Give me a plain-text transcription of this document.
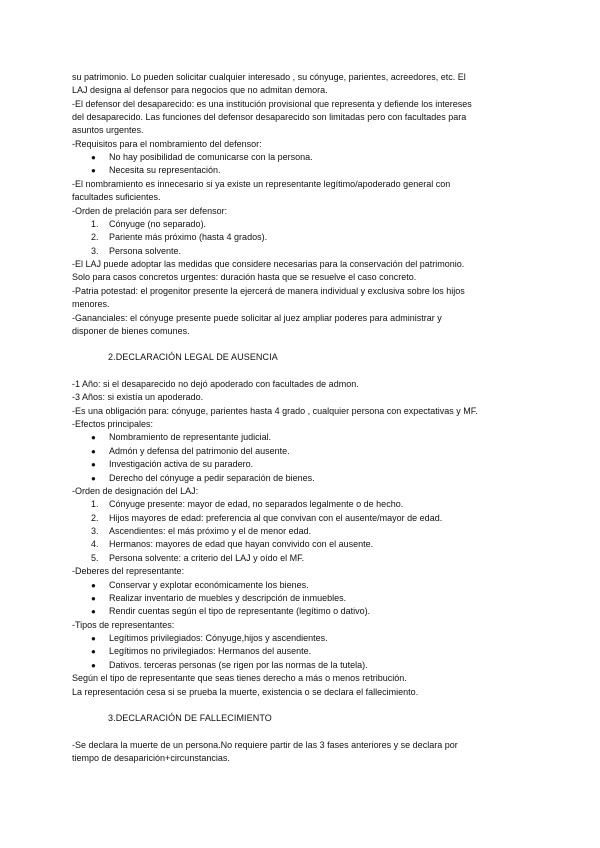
su patrimonio. Lo pueden solicitar cualquier interesado , su cónyuge, parientes, acreedores, etc. El
LAJ designa al defensor para negocios que no admitan demora.
-El defensor del desaparecido: es una institución provisional que representa y defiende los intereses
del desaparecido. Las funciones del defensor desaparecido son limitadas pero con facultades para
asuntos urgentes.
-Requisitos para el nombramiento del defensor:
● No hay posibilidad de comunicarse con la persona.
● Necesita su representación.
-El nombramiento es innecesario si ya existe un representante legítimo/apoderado general con
facultades suficientes.
-Orden de prelación para ser defensor:
1. Cónyuge (no separado).
2. Pariente más próximo (hasta 4 grados).
3. Persona solvente.
-El LAJ puede adoptar las medidas que considere necesarias para la conservación del patrimonio.
Solo para casos concretos urgentes: duración hasta que se resuelve el caso concreto.
-Patria potestad: el progenitor presente la ejercerá de manera individual y exclusiva sobre los hijos
menores.
-Gananciales: el cónyuge presente puede solicitar al juez ampliar poderes para administrar y
disponer de bienes comunes.
2.DECLARACIÓN LEGAL DE AUSENCIA
-1 Año: si el desaparecido no dejó apoderado con facultades de admon.
-3 Años: si existía un apoderado.
-Es una obligación para: cónyuge, parientes hasta 4 grado , cualquier persona con expectativas y MF.
-Efectos principales:
● Nombramiento de representante judicial.
● Admón y defensa del patrimonio del ausente.
● Investigación activa de su paradero.
● Derecho del cónyuge a pedir separación de bienes.
-Orden de designación del LAJ:
1. Cónyuge presente: mayor de edad, no separados legalmente o de hecho.
2. Hijos mayores de edad: preferencia al que convivan con el ausente/mayor de edad.
3. Ascendientes: el más próximo y el de menor edad.
4. Hermanos: mayores de edad que hayan convivido con el ausente.
5. Persona solvente: a criterio del LAJ y oído el MF.
-Deberes del representante:
● Conservar y explotar económicamente los bienes.
● Realizar inventario de muebles y descripción de inmuebles.
● Rendir cuentas según el tipo de representante (legítimo o dativo).
-Tipos de representantes:
● Legítimos privilegiados: Cónyuge,hijos y ascendientes.
● Legítimos no privilegiados: Hermanos del ausente.
● Dativos. terceras personas (se rigen por las normas de la tutela).
Según el tipo de representante que seas tienes derecho a más o menos retribución.
La representación cesa si se prueba la muerte, existencia o se declara el fallecimiento.
3.DECLARACIÓN DE FALLECIMIENTO
-Se declara la muerte de un persona.No requiere partir de las 3 fases anteriores y se declara por
tiempo de desaparición+circunstancias.
